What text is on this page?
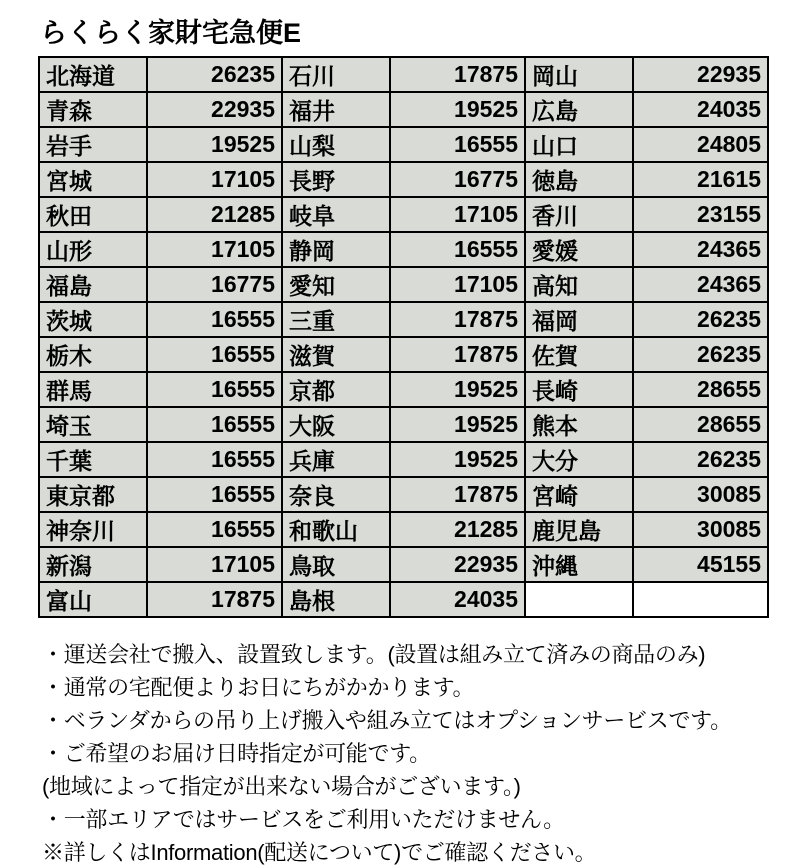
らくらく家財宅急便E
北海道	26235	石川	17875	岡山	22935
青森	22935	福井	19525	広島	24035
岩手	19525	山梨	16555	山口	24805
宮城	17105	長野	16775	徳島	21615
秋田	21285	岐阜	17105	香川	23155
山形	17105	静岡	16555	愛媛	24365
福島	16775	愛知	17105	高知	24365
茨城	16555	三重	17875	福岡	26235
栃木	16555	滋賀	17875	佐賀	26235
群馬	16555	京都	19525	長崎	28655
埼玉	16555	大阪	19525	熊本	28655
千葉	16555	兵庫	19525	大分	26235
東京都	16555	奈良	17875	宮崎	30085
神奈川	16555	和歌山	21285	鹿児島	30085
新潟	17105	鳥取	22935	沖縄	45155
富山	17875	島根	24035		

・運送会社で搬入、設置致します。(設置は組み立て済みの商品のみ)

・通常の宅配便よりお日にちがかかります。

・ベランダからの吊り上げ搬入や組み立てはオプションサービスです。

・ご希望のお届け日時指定が可能です。

(地域によって指定が出来ない場合がございます。)

・一部エリアではサービスをご利用いただけません。

※詳しくはInformation(配送について)でご確認ください。
